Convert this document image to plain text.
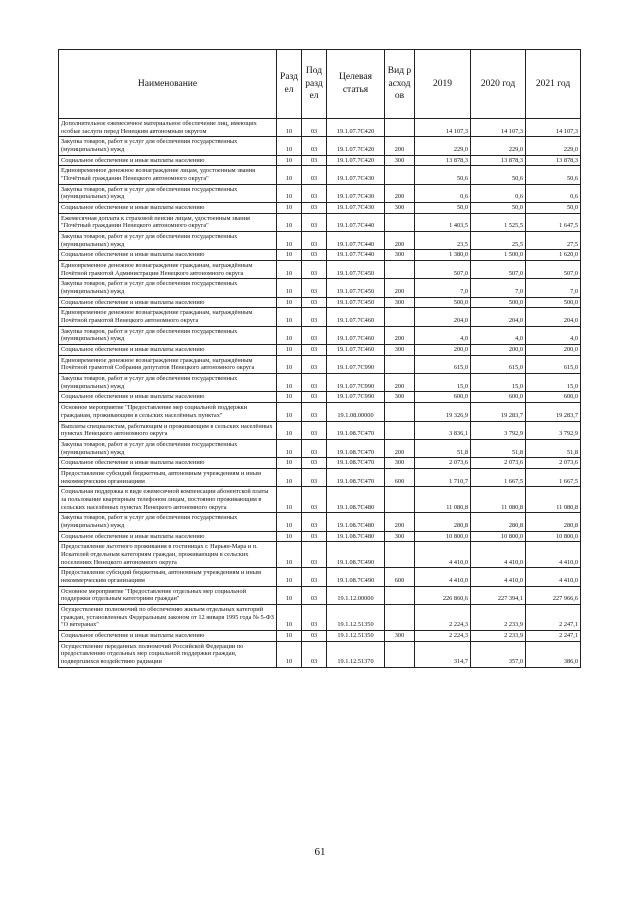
Наименование	Раздел	Подраздел	Целевая статья	Вид расходов	2019	2020 год	2021 год
Дополнительное ежемесячное материальное обеспечение лиц, имеющих особые заслуги перед Ненецким автономным округом	10	03	19.1.07.7С420		14 107,3	14 107,3	14 107,3
Закупка товаров, работ и услуг для обеспечения государственных (муниципальных) нужд	10	03	19.1.07.7С420	200	229,0	229,0	229,0
Социальное обеспечение и иные выплаты населению	10	03	19.1.07.7С420	300	13 878,3	13 878,3	13 878,3
Единовременное денежное вознаграждение лицам, удостоенным звания "Почётный гражданин Ненецкого автономного округа"	10	03	19.1.07.7С430		50,6	50,6	50,6
Закупка товаров, работ и услуг для обеспечения государственных (муниципальных) нужд	10	03	19.1.07.7С430	200	0,6	0,6	0,6
Социальное обеспечение и иные выплаты населению	10	03	19.1.07.7С430	300	50,0	50,0	50,0
Ежемесячная доплата к страховой пенсии лицам, удостоенным звания "Почётный гражданин Ненецкого автономного округа"	10	03	19.1.07.7С440		1 403,5	1 525,5	1 647,5
Закупка товаров, работ и услуг для обеспечения государственных (муниципальных) нужд	10	03	19.1.07.7С440	200	23,5	25,5	27,5
Социальное обеспечение и иные выплаты населению	10	03	19.1.07.7С440	300	1 380,0	1 500,0	1 620,0
Единовременное денежное вознаграждение гражданам, награждённым Почётной грамотой Администрации Ненецкого автономного округа	10	03	19.1.07.7С450		507,0	507,0	507,0
Закупка товаров, работ и услуг для обеспечения государственных (муниципальных) нужд	10	03	19.1.07.7С450	200	7,0	7,0	7,0
Социальное обеспечение и иные выплаты населению	10	03	19.1.07.7С450	300	500,0	500,0	500,0
Единовременное денежное вознаграждение гражданам, награждённым Почётной грамотой Ненецкого автономного округа	10	03	19.1.07.7С460		204,0	204,0	204,0
Закупка товаров, работ и услуг для обеспечения государственных (муниципальных) нужд	10	03	19.1.07.7С460	200	4,0	4,0	4,0
Социальное обеспечение и иные выплаты населению	10	03	19.1.07.7С460	300	200,0	200,0	200,0
Единовременное денежное вознаграждение гражданам, награждённым Почётной грамотой Собрания депутатов Ненецкого автономного округа	10	03	19.1.07.7С990		615,0	615,0	615,0
Закупка товаров, работ и услуг для обеспечения государственных (муниципальных) нужд	10	03	19.1.07.7С990	200	15,0	15,0	15,0
Социальное обеспечение и иные выплаты населению	10	03	19.1.07.7С990	300	600,0	600,0	600,0
Основное мероприятие "Предоставление мер социальной поддержки гражданам, проживающим в сельских населённых пунктах"	10	03	19.1.08.00000		19 326,9	19 283,7	19 283,7
Выплаты специалистам, работающим и проживающим в сельских населённых пунктах Ненецкого автономного округа	10	03	19.1.08.7С470		3 836,1	3 792,9	3 792,9
Закупка товаров, работ и услуг для обеспечения государственных (муниципальных) нужд	10	03	19.1.08.7С470	200	51,8	51,8	51,8
Социальное обеспечение и иные выплаты населению	10	03	19.1.08.7С470	300	2 073,6	2 073,6	2 073,6
Предоставление субсидий бюджетным, автономным учреждениям и иным некоммерческим организациям	10	03	19.1.08.7С470	600	1 710,7	1 667,5	1 667,5
Социальная поддержка в виде ежемесячной компенсации абонентской платы за пользование квартирным телефоном лицам, постоянно проживающим в сельских населённых пунктах Ненецкого автономного округа	10	03	19.1.08.7С480		11 080,8	11 080,8	11 080,8
Закупка товаров, работ и услуг для обеспечения государственных (муниципальных) нужд	10	03	19.1.08.7С480	200	280,8	280,8	280,8
Социальное обеспечение и иные выплаты населению	10	03	19.1.08.7С480	300	10 800,0	10 800,0	10 800,0
Предоставление льготного проживания в гостиницах г. Нарьян-Мара и п. Искателей отдельным категориям граждан, проживающим в сельских поселениях Ненецкого автономного округа	10	03	19.1.08.7С490		4 410,0	4 410,0	4 410,0
Предоставление субсидий бюджетным, автономным учреждениям и иным некоммерческим организациям	10	03	19.1.08.7С490	600	4 410,0	4 410,0	4 410,0
Основное мероприятие "Предоставление отдельных мер социальной поддержки отдельным категориям граждан"	10	03	19.1.12.00000		226 860,6	227 394,1	227 966,6
Осуществление полномочий по обеспечению жильем отдельных категорий граждан, установленных Федеральным законом от 12 января 1995 года № 5-ФЗ "О ветеранах"	10	03	19.1.12.51350		2 224,3	2 233,9	2 247,1
Социальное обеспечение и иные выплаты населению	10	03	19.1.12.51350	300	2 224,3	2 233,9	2 247,1
Осуществление переданных полномочий Российской Федерации по предоставлению отдельных мер социальной поддержки граждан, подвергшихся воздействию радиации	10	03	19.1.12.51370		314,7	357,0	386,0
61
